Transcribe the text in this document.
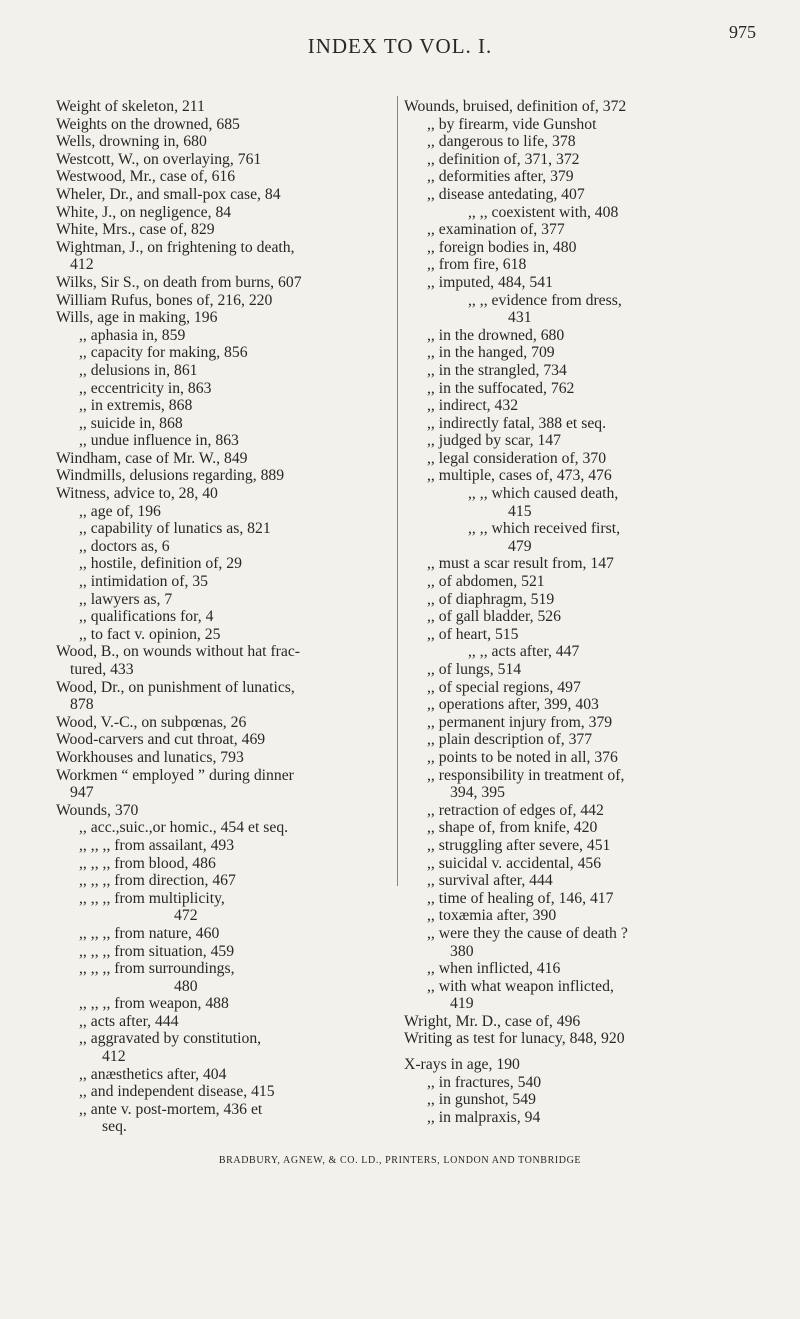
INDEX TO VOL. I.
975
Weight of skeleton, 211
Weights on the drowned, 685
Wells, drowning in, 680
Westcott, W., on overlaying, 761
Westwood, Mr., case of, 616
Wheler, Dr., and small-pox case, 84
White, J., on negligence, 84
White, Mrs., case of, 829
Wightman, J., on frightening to death,
412
Wilks, Sir S., on death from burns, 607
William Rufus, bones of, 216, 220
Wills, age in making, 196
,, aphasia in, 859
,, capacity for making, 856
,, delusions in, 861
,, eccentricity in, 863
,, in extremis, 868
,, suicide in, 868
,, undue influence in, 863
Windham, case of Mr. W., 849
Windmills, delusions regarding, 889
Witness, advice to, 28, 40
,, age of, 196
,, capability of lunatics as, 821
,, doctors as, 6
,, hostile, definition of, 29
,, intimidation of, 35
,, lawyers as, 7
,, qualifications for, 4
,, to fact v. opinion, 25
Wood, B., on wounds without hat frac-
tured, 433
Wood, Dr., on punishment of lunatics,
878
Wood, V.-C., on subpœnas, 26
Wood-carvers and cut throat, 469
Workhouses and lunatics, 793
Workmen “ employed ” during dinner
947
Wounds, 370
,, acc.,suic.,or homic., 454 et seq.
,, ,, ,, from assailant, 493
,, ,, ,, from blood, 486
,, ,, ,, from direction, 467
,, ,, ,, from multiplicity,
472
,, ,, ,, from nature, 460
,, ,, ,, from situation, 459
,, ,, ,, from surroundings,
480
,, ,, ,, from weapon, 488
,, acts after, 444
,, aggravated by constitution,
412
,, anæsthetics after, 404
,, and independent disease, 415
,, ante v. post-mortem, 436 et
seq.
Wounds, bruised, definition of, 372
,, by firearm, vide Gunshot
,, dangerous to life, 378
,, definition of, 371, 372
,, deformities after, 379
,, disease antedating, 407
,, ,, coexistent with, 408
,, examination of, 377
,, foreign bodies in, 480
,, from fire, 618
,, imputed, 484, 541
,, ,, evidence from dress,
431
,, in the drowned, 680
,, in the hanged, 709
,, in the strangled, 734
,, in the suffocated, 762
,, indirect, 432
,, indirectly fatal, 388 et seq.
,, judged by scar, 147
,, legal consideration of, 370
,, multiple, cases of, 473, 476
,, ,, which caused death,
415
,, ,, which received first,
479
,, must a scar result from, 147
,, of abdomen, 521
,, of diaphragm, 519
,, of gall bladder, 526
,, of heart, 515
,, ,, acts after, 447
,, of lungs, 514
,, of special regions, 497
,, operations after, 399, 403
,, permanent injury from, 379
,, plain description of, 377
,, points to be noted in all, 376
,, responsibility in treatment of,
394, 395
,, retraction of edges of, 442
,, shape of, from knife, 420
,, struggling after severe, 451
,, suicidal v. accidental, 456
,, survival after, 444
,, time of healing of, 146, 417
,, toxæmia after, 390
,, were they the cause of death ?
380
,, when inflicted, 416
,, with what weapon inflicted,
419
Wright, Mr. D., case of, 496
Writing as test for lunacy, 848, 920
X-rays in age, 190
,, in fractures, 540
,, in gunshot, 549
,, in malpraxis, 94
BRADBURY, AGNEW, & CO. LD., PRINTERS, LONDON AND TONBRIDGE
